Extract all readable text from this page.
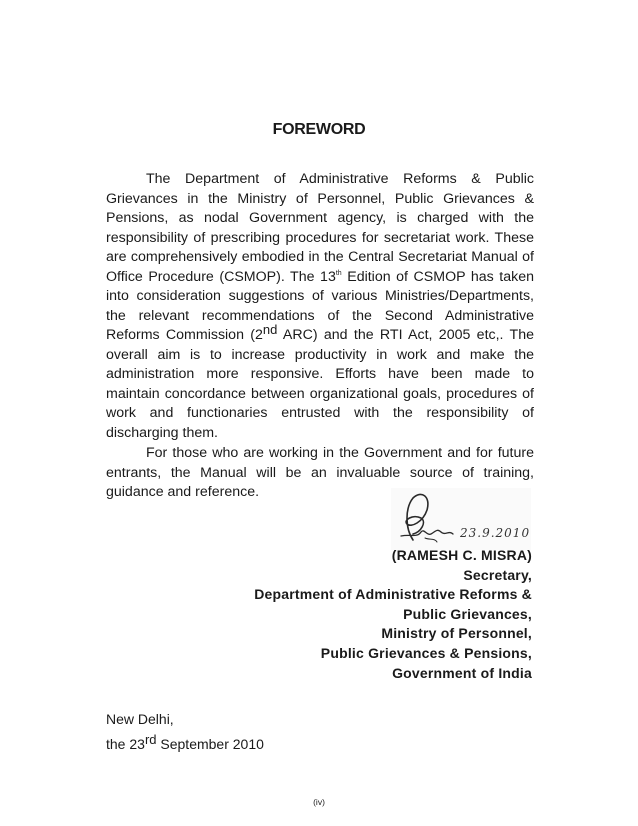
FOREWORD
The Department of Administrative Reforms & Public Grievances in the Ministry of Personnel, Public Grievances & Pensions, as nodal Government agency, is charged with the responsibility of prescribing procedures for secretariat work. These are comprehensively embodied in the Central Secretariat Manual of Office Procedure (CSMOP). The 13th Edition of CSMOP has taken into consideration suggestions of various Ministries/Departments, the relevant recommendations of the Second Administrative Reforms Commission (2nd ARC) and the RTI Act, 2005 etc,. The overall aim is to increase productivity in work and make the administration more responsive. Efforts have been made to maintain concordance between organizational goals, procedures of work and functionaries entrusted with the responsibility of discharging them.
For those who are working in the Government and for future entrants, the Manual will be an invaluable source of training, guidance and reference.
23.9.2010
(RAMESH C. MISRA)
Secretary,
Department of Administrative Reforms &
Public Grievances,
Ministry of Personnel,
Public Grievances & Pensions,
Government of India
New Delhi,
the 23rd September 2010
(iv)
